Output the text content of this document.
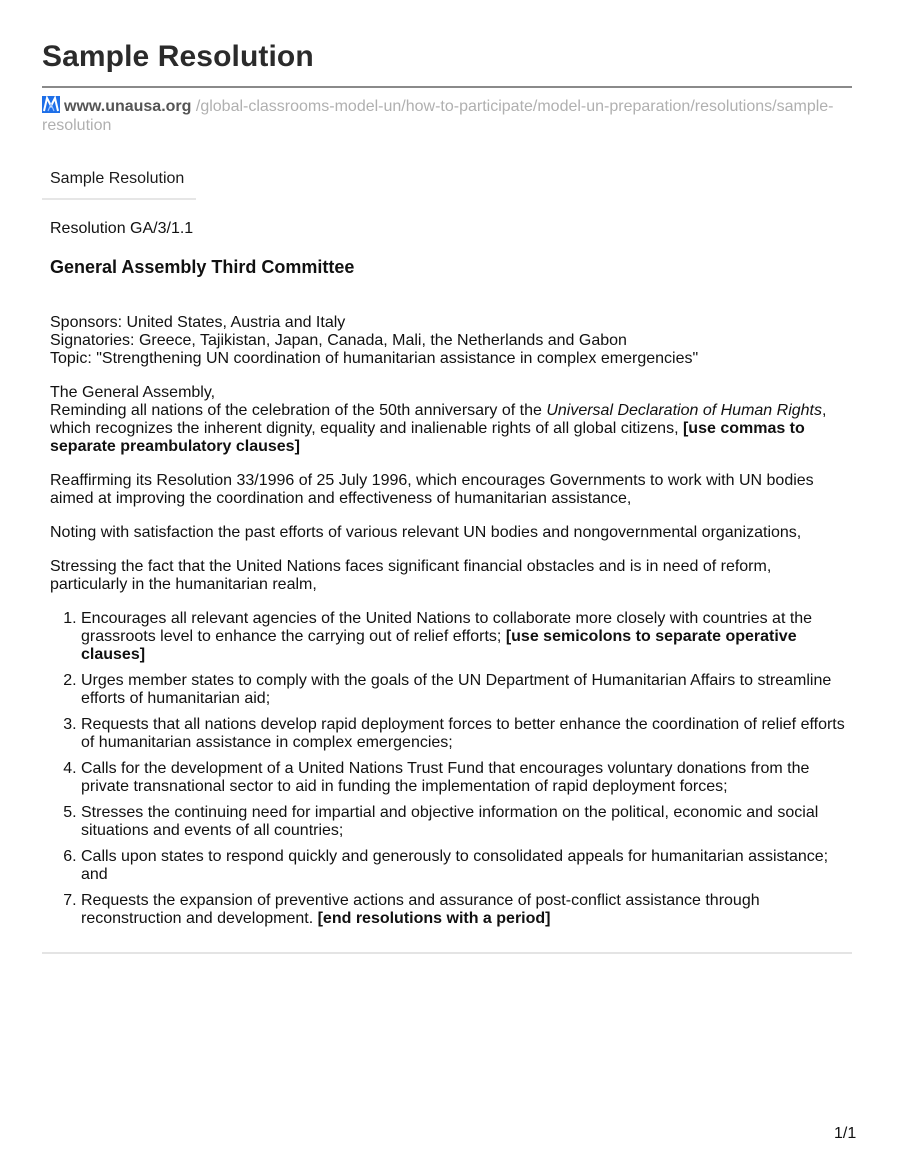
Sample Resolution
www.unausa.org /global-classrooms-model-un/how-to-participate/model-un-preparation/resolutions/sample-resolution
Sample Resolution

Resolution GA/3/1.1

General Assembly Third Committee

Sponsors: United States, Austria and Italy

Signatories: Greece, Tajikistan, Japan, Canada, Mali, the Netherlands and Gabon

Topic: "Strengthening UN coordination of humanitarian assistance in complex emergencies"

The General Assembly,

Reminding all nations of the celebration of the 50th anniversary of the Universal Declaration of Human Rights, which recognizes the inherent dignity, equality and inalienable rights of all global citizens, [use commas to separate preambulatory clauses]

Reaffirming its Resolution 33/1996 of 25 July 1996, which encourages Governments to work with UN bodies aimed at improving the coordination and effectiveness of humanitarian assistance,

Noting with satisfaction the past efforts of various relevant UN bodies and nongovernmental organizations,

Stressing the fact that the United Nations faces significant financial obstacles and is in need of reform, particularly in the humanitarian realm,

1. Encourages all relevant agencies of the United Nations to collaborate more closely with countries at the grassroots level to enhance the carrying out of relief efforts; [use semicolons to separate operative clauses]
2. Urges member states to comply with the goals of the UN Department of Humanitarian Affairs to streamline efforts of humanitarian aid;
3. Requests that all nations develop rapid deployment forces to better enhance the coordination of relief efforts of humanitarian assistance in complex emergencies;
4. Calls for the development of a United Nations Trust Fund that encourages voluntary donations from the private transnational sector to aid in funding the implementation of rapid deployment forces;
5. Stresses the continuing need for impartial and objective information on the political, economic and social situations and events of all countries;
6. Calls upon states to respond quickly and generously to consolidated appeals for humanitarian assistance; and
7. Requests the expansion of preventive actions and assurance of post-conflict assistance through reconstruction and development. [end resolutions with a period]
1/1
